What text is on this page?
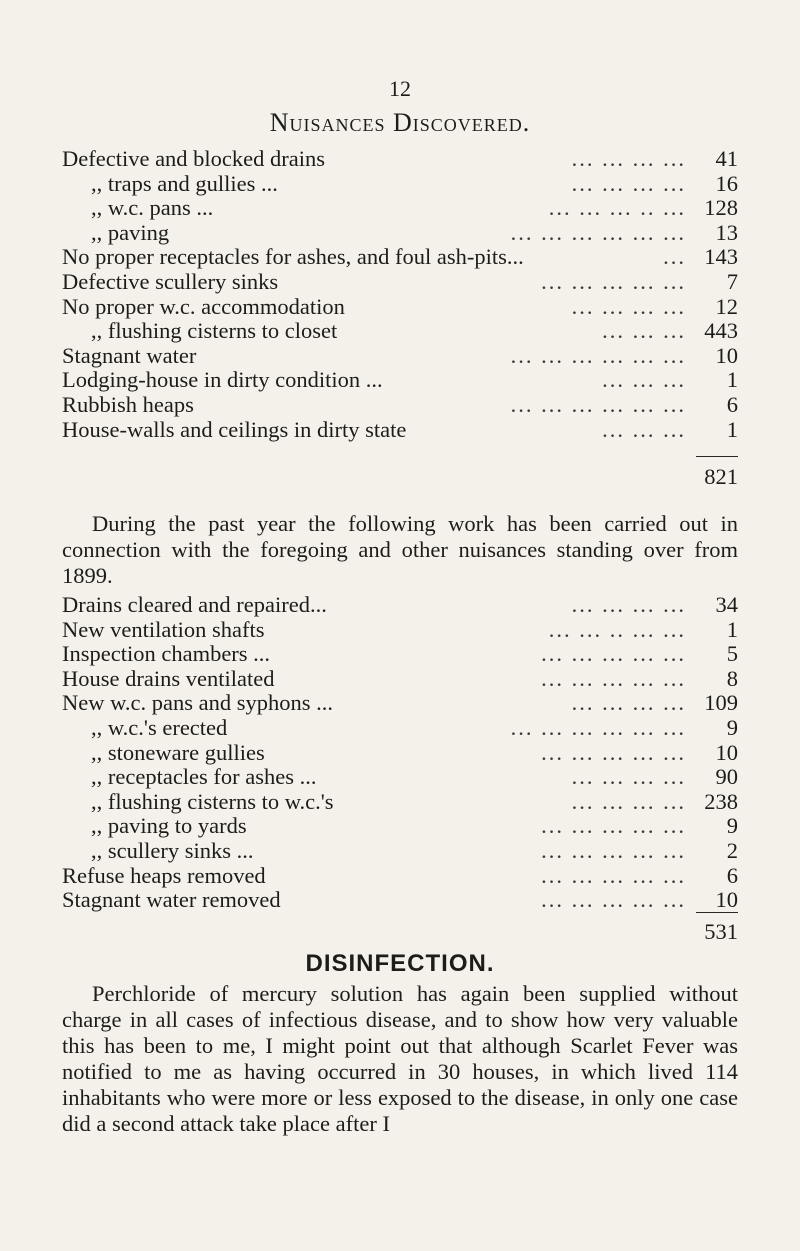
12
Nuisances Discovered.
Defective and blocked drains	... ... ... ...	41
,, traps and gullies ...	... ... ... ...	16
,, w.c. pans ...	... ... ... .. ... 128
,, paving	... ... ... ... ... ...	13
No proper receptacles for ashes, and foul ash-pits...	... 143
Defective scullery sinks	... ... ... ... ...	7
No proper w.c. accommodation	... ... ... ...	12
,, flushing cisterns to closet	... ... ... 443
Stagnant water	... ... ... ... ... ...	10
Lodging-house in dirty condition ...	... ... ...	1
Rubbish heaps	... ... ... ... ... ...	6
House-walls and ceilings in dirty state	... ... ...	1
821

During the past year the following work has been carried out in connection with the foregoing and other nuisances standing over from 1899.

Drains cleared and repaired...	... ... ... ...	34
New ventilation shafts	... ... .. ... ...	1
Inspection chambers ...	... ... ... ... ...	5
House drains ventilated	... ... ... ... ...	8
New w.c. pans and syphons ...	... ... ... ... 109
,, w.c.'s erected	... ... ... ... ... ...	9
,, stoneware gullies	... ... ... ... ...	10
,, receptacles for ashes ...	... ... ... ...	90
,, flushing cisterns to w.c.'s	... ... ... ... 238
,, paving to yards	... ... ... ... ...	9
,, scullery sinks ...	... ... ... ... ...	2
Refuse heaps removed	... ... ... ... ...	6
Stagnant water removed	... ... ... ... ...	10
531
DISINFECTION.

Perchloride of mercury solution has again been supplied without charge in all cases of infectious disease, and to show how very valuable this has been to me, I might point out that although Scarlet Fever was notified to me as having occurred in 30 houses, in which lived 114 inhabitants who were more or less exposed to the disease, in only one case did a second attack take place after I
